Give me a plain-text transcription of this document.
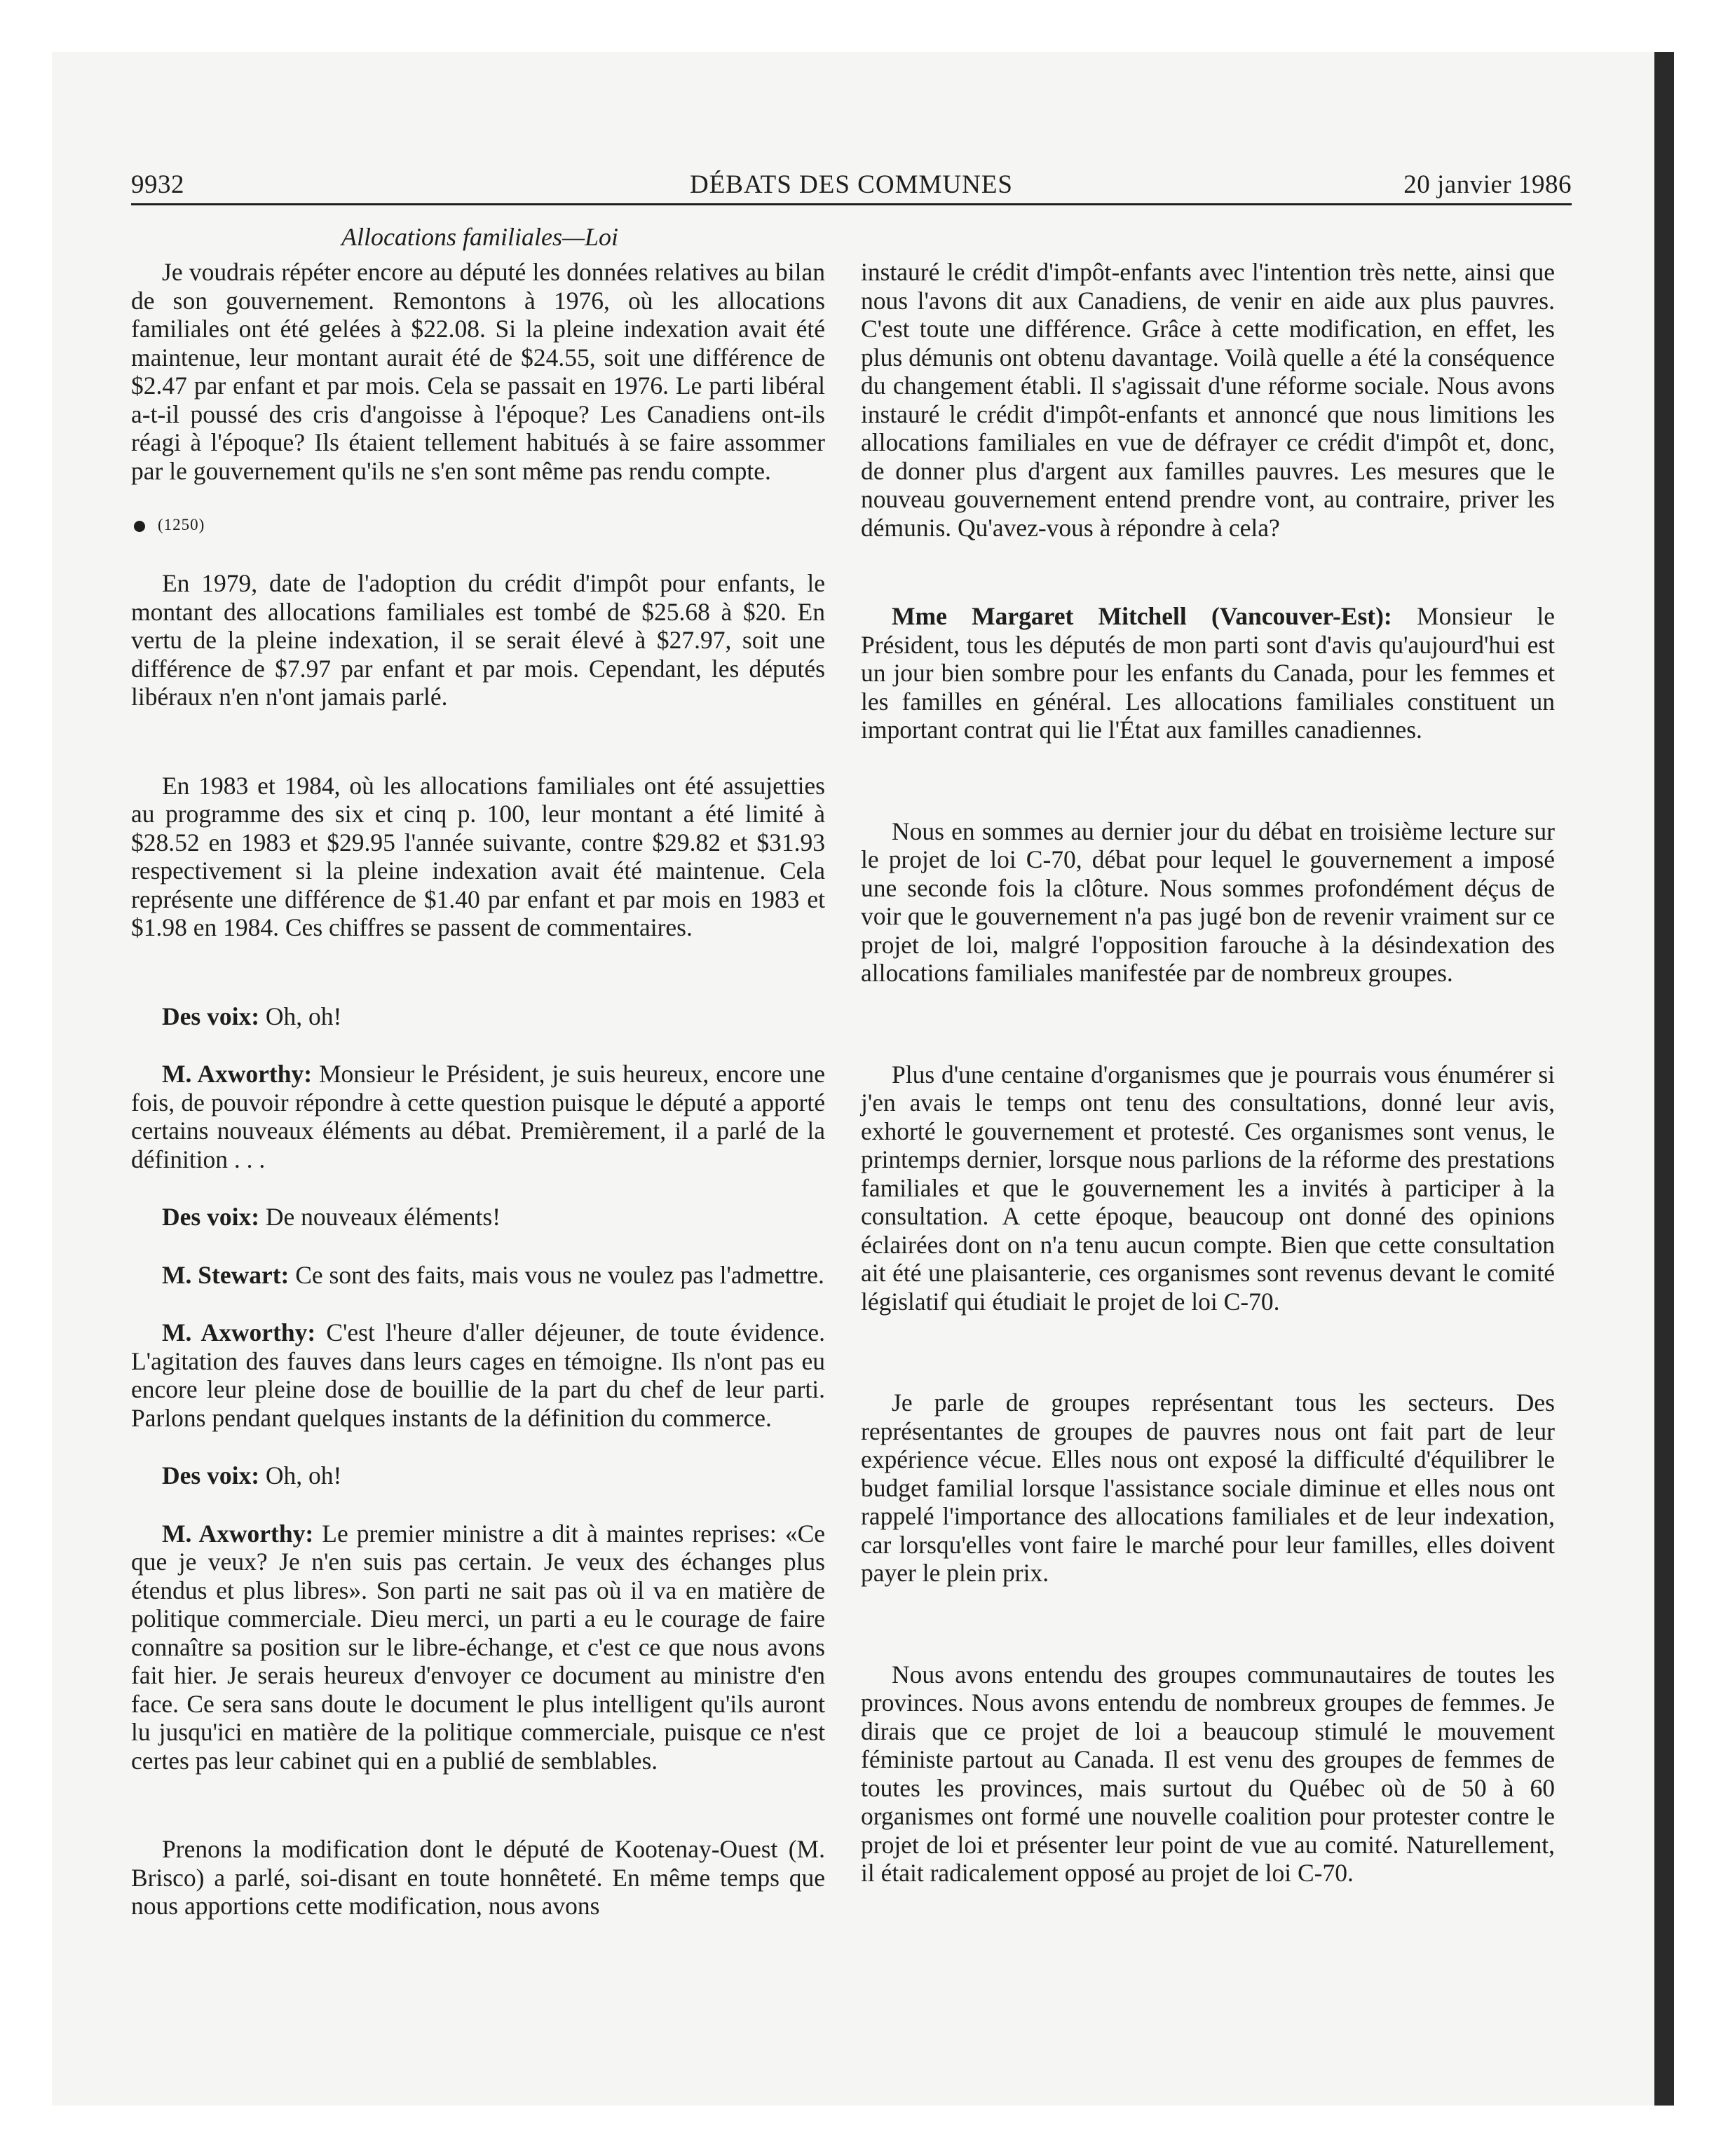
9932	DÉBATS DES COMMUNES	20 janvier 1986
Allocations familiales—Loi

Je voudrais répéter encore au député les données relatives au bilan de son gouvernement. Remontons à 1976, où les allocations familiales ont été gelées à $22.08. Si la pleine indexation avait été maintenue, leur montant aurait été de $24.55, soit une différence de $2.47 par enfant et par mois. Cela se passait en 1976. Le parti libéral a-t-il poussé des cris d'angoisse à l'époque? Les Canadiens ont-ils réagi à l'époque? Ils étaient tellement habitués à se faire assommer par le gouvernement qu'ils ne s'en sont même pas rendu compte.

(1250)

En 1979, date de l'adoption du crédit d'impôt pour enfants, le montant des allocations familiales est tombé de $25.68 à $20. En vertu de la pleine indexation, il se serait élevé à $27.97, soit une différence de $7.97 par enfant et par mois. Cependant, les députés libéraux n'en n'ont jamais parlé.

En 1983 et 1984, où les allocations familiales ont été assujetties au programme des six et cinq p. 100, leur montant a été limité à $28.52 en 1983 et $29.95 l'année suivante, contre $29.82 et $31.93 respectivement si la pleine indexation avait été maintenue. Cela représente une différence de $1.40 par enfant et par mois en 1983 et $1.98 en 1984. Ces chiffres se passent de commentaires.

Des voix: Oh, oh!

M. Axworthy: Monsieur le Président, je suis heureux, encore une fois, de pouvoir répondre à cette question puisque le député a apporté certains nouveaux éléments au débat. Premièrement, il a parlé de la définition . . .

Des voix: De nouveaux éléments!

M. Stewart: Ce sont des faits, mais vous ne voulez pas l'admettre.

M. Axworthy: C'est l'heure d'aller déjeuner, de toute évidence. L'agitation des fauves dans leurs cages en témoigne. Ils n'ont pas eu encore leur pleine dose de bouillie de la part du chef de leur parti. Parlons pendant quelques instants de la définition du commerce.

Des voix: Oh, oh!

M. Axworthy: Le premier ministre a dit à maintes reprises: «Ce que je veux? Je n'en suis pas certain. Je veux des échanges plus étendus et plus libres». Son parti ne sait pas où il va en matière de politique commerciale. Dieu merci, un parti a eu le courage de faire connaître sa position sur le libre-échange, et c'est ce que nous avons fait hier. Je serais heureux d'envoyer ce document au ministre d'en face. Ce sera sans doute le document le plus intelligent qu'ils auront lu jusqu'ici en matière de la politique commerciale, puisque ce n'est certes pas leur cabinet qui en a publié de semblables.

Prenons la modification dont le député de Kootenay-Ouest (M. Brisco) a parlé, soi-disant en toute honnêteté. En même temps que nous apportions cette modification, nous avons

instauré le crédit d'impôt-enfants avec l'intention très nette, ainsi que nous l'avons dit aux Canadiens, de venir en aide aux plus pauvres. C'est toute une différence. Grâce à cette modification, en effet, les plus démunis ont obtenu davantage. Voilà quelle a été la conséquence du changement établi. Il s'agissait d'une réforme sociale. Nous avons instauré le crédit d'impôt-enfants et annoncé que nous limitions les allocations familiales en vue de défrayer ce crédit d'impôt et, donc, de donner plus d'argent aux familles pauvres. Les mesures que le nouveau gouvernement entend prendre vont, au contraire, priver les démunis. Qu'avez-vous à répondre à cela?

Mme Margaret Mitchell (Vancouver-Est): Monsieur le Président, tous les députés de mon parti sont d'avis qu'aujourd'hui est un jour bien sombre pour les enfants du Canada, pour les femmes et les familles en général. Les allocations familiales constituent un important contrat qui lie l'État aux familles canadiennes.

Nous en sommes au dernier jour du débat en troisième lecture sur le projet de loi C-70, débat pour lequel le gouvernement a imposé une seconde fois la clôture. Nous sommes profondément déçus de voir que le gouvernement n'a pas jugé bon de revenir vraiment sur ce projet de loi, malgré l'opposition farouche à la désindexation des allocations familiales manifestée par de nombreux groupes.

Plus d'une centaine d'organismes que je pourrais vous énumérer si j'en avais le temps ont tenu des consultations, donné leur avis, exhorté le gouvernement et protesté. Ces organismes sont venus, le printemps dernier, lorsque nous parlions de la réforme des prestations familiales et que le gouvernement les a invités à participer à la consultation. A cette époque, beaucoup ont donné des opinions éclairées dont on n'a tenu aucun compte. Bien que cette consultation ait été une plaisanterie, ces organismes sont revenus devant le comité législatif qui étudiait le projet de loi C-70.

Je parle de groupes représentant tous les secteurs. Des représentantes de groupes de pauvres nous ont fait part de leur expérience vécue. Elles nous ont exposé la difficulté d'équilibrer le budget familial lorsque l'assistance sociale diminue et elles nous ont rappelé l'importance des allocations familiales et de leur indexation, car lorsqu'elles vont faire le marché pour leur familles, elles doivent payer le plein prix.

Nous avons entendu des groupes communautaires de toutes les provinces. Nous avons entendu de nombreux groupes de femmes. Je dirais que ce projet de loi a beaucoup stimulé le mouvement féministe partout au Canada. Il est venu des groupes de femmes de toutes les provinces, mais surtout du Québec où de 50 à 60 organismes ont formé une nouvelle coalition pour protester contre le projet de loi et présenter leur point de vue au comité. Naturellement, il était radicalement opposé au projet de loi C-70.
